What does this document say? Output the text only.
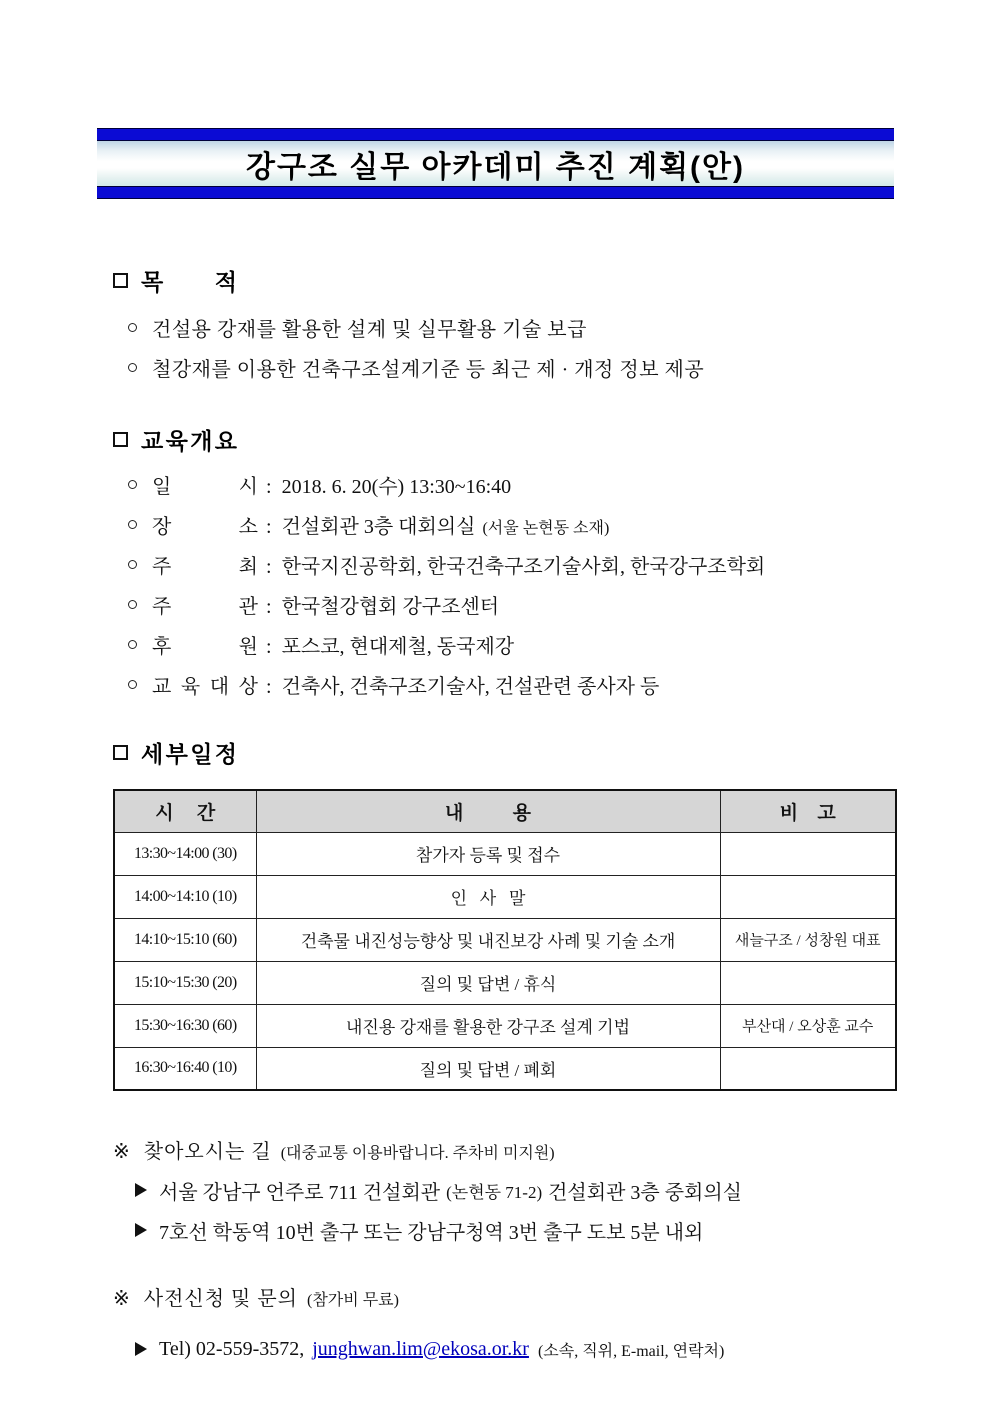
강구조 실무 아카데미 추진 계획(안)
목 적
건설용 강재를 활용한 설계 및 실무활용 기술 보급
철강재를 이용한 건축구조설계기준 등 최근 제 · 개정 정보 제공
교 육 개 요
일	시 : 2018. 6. 20(수) 13:30~16:40
장	소 : 건설회관 3층 대회의실 (서울 논현동 소재)
주	최 : 한국지진공학회, 한국건축구조기술사회, 한국강구조학회
주	관 : 한국철강협회 강구조센터
후	원 : 포스코, 현대제철, 동국제강
교 육 대 상 : 건축사, 건축구조기술사, 건설관련 종사자 등
세 부 일 정
시 간	내 용	비 고

13:30~14:00 (30)	참가자 등록 및 접수	
14:00~14:10 (10)	인   사   말	
14:10~15:10 (60)	건축물 내진성능향상 및 내진보강 사례 및 기술 소개	새늘구조 / 성창원 대표
15:10~15:30 (20)	질의 및 답변 / 휴식	
15:30~16:30 (60)	내진용 강재를 활용한 강구조 설계 기법	부산대 / 오상훈 교수
16:30~16:40 (10)	질의 및 답변 / 폐회	
※ 찾아오시는 길 (대중교통 이용바랍니다. 주차비 미지원)
서울 강남구 언주로 711 건설회관 (논현동 71-2) 건설회관 3층 중회의실
7호선 학동역 10번 출구 또는 강남구청역 3번 출구 도보 5분 내외
※ 사전신청 및 문의 (참가비 무료)
Tel) 02-559-3572, junghwan.lim@ekosa.or.kr (소속, 직위, E-mail, 연락처)
